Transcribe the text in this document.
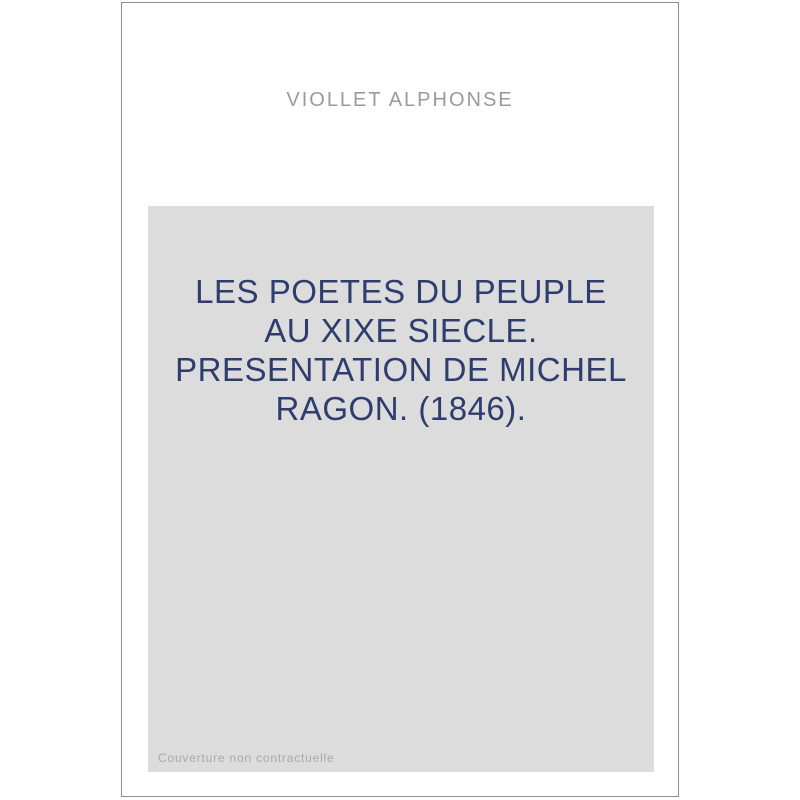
VIOLLET ALPHONSE
LES POETES DU PEUPLE
AU XIXE SIECLE.
PRESENTATION DE MICHEL
RAGON. (1846).
Couverture non contractuelle
